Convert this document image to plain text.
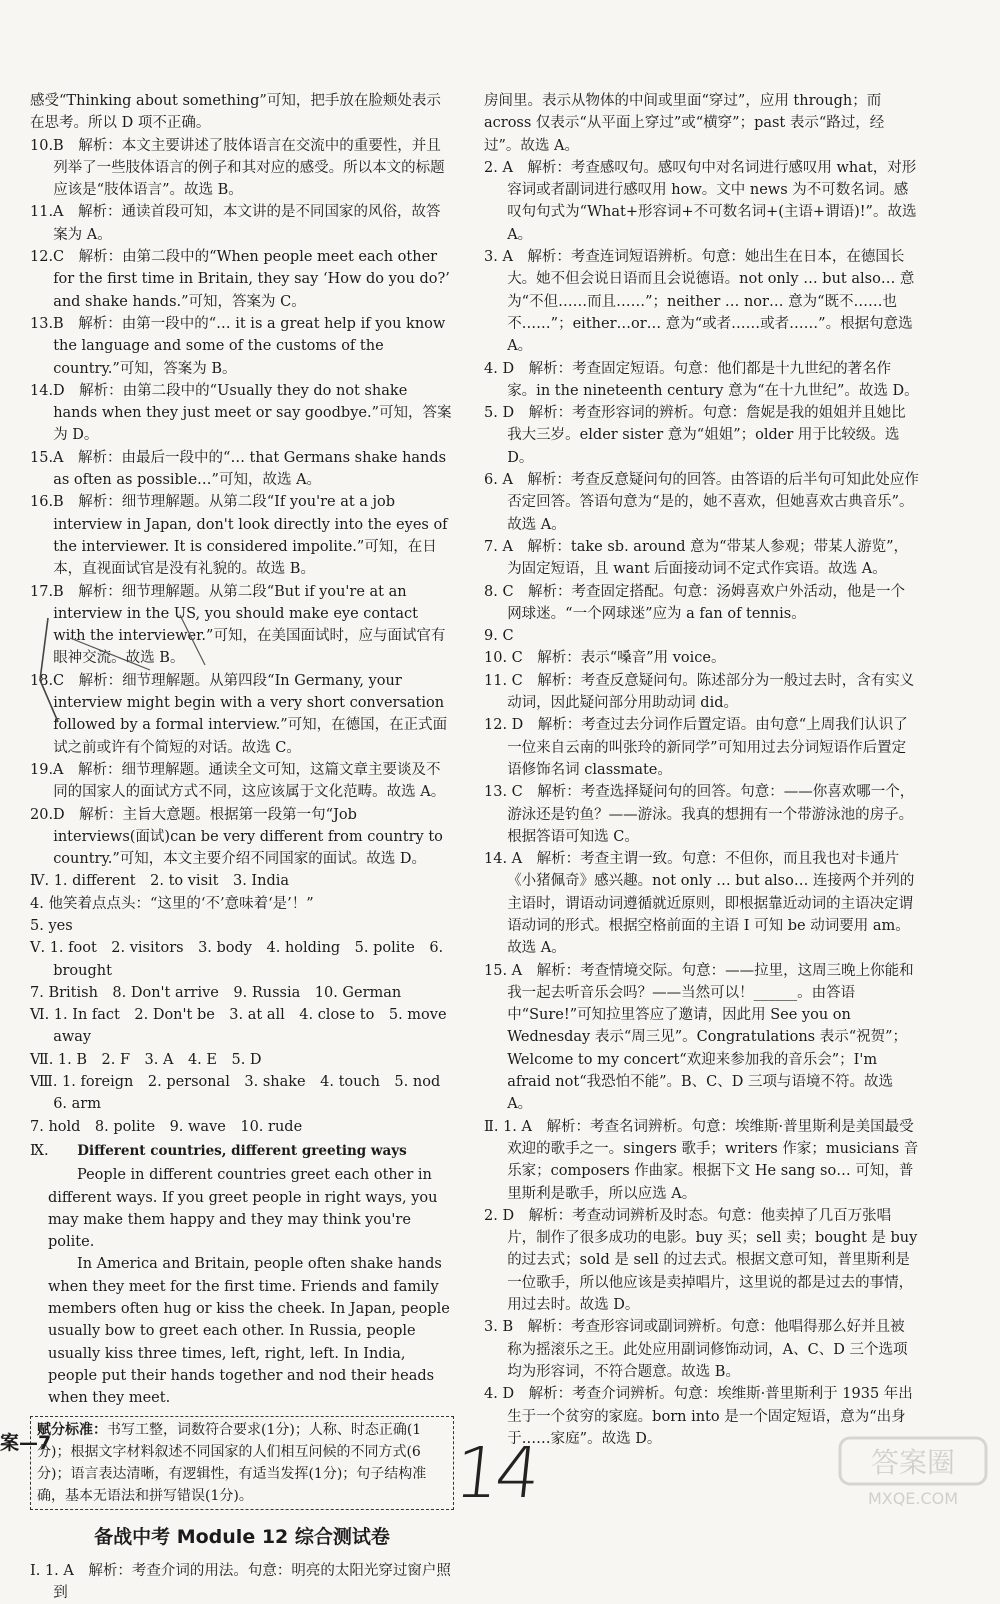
感受“Thinking about something”可知，把手放在脸颊处表示在思考。所以 D 项不正确。

10.B　解析：本文主要讲述了肢体语言在交流中的重要性，并且列举了一些肢体语言的例子和其对应的感受。所以本文的标题应该是“肢体语言”。故选 B。

11.A　解析：通读首段可知，本文讲的是不同国家的风俗，故答案为 A。

12.C　解析：由第二段中的“When people meet each other for the first time in Britain, they say ‘How do you do?’ and shake hands.”可知，答案为 C。

13.B　解析：由第一段中的“… it is a great help if you know the language and some of the customs of the country.”可知，答案为 B。

14.D　解析：由第二段中的“Usually they do not shake hands when they just meet or say goodbye.”可知，答案为 D。

15.A　解析：由最后一段中的“… that Germans shake hands as often as possible…”可知，故选 A。

16.B　解析：细节理解题。从第二段“If you're at a job interview in Japan, don't look directly into the eyes of the interviewer. It is considered impolite.”可知，在日本，直视面试官是没有礼貌的。故选 B。

17.B　解析：细节理解题。从第二段“But if you're at an interview in the US, you should make eye contact with the interviewer.”可知，在美国面试时，应与面试官有眼神交流。故选 B。

18.C　解析：细节理解题。从第四段“In Germany, your interview might begin with a very short conversation followed by a formal interview.”可知，在德国，在正式面试之前或许有个简短的对话。故选 C。

19.A　解析：细节理解题。通读全文可知，这篇文章主要谈及不同的国家人的面试方式不同，这应该属于文化范畴。故选 A。

20.D　解析：主旨大意题。根据第一段第一句“Job interviews(面试)can be very different from country to country.”可知，本文主要介绍不同国家的面试。故选 D。

Ⅳ. 1. different　2. to visit　3. India

4. 他笑着点点头：“这里的‘不’意味着‘是’！”

5. yes

Ⅴ. 1. foot　2. visitors　3. body　4. holding　5. polite　6. brought

7. British　8. Don't arrive　9. Russia　10. German

Ⅵ. 1. In fact　2. Don't be　3. at all　4. close to　5. move away

Ⅶ. 1. B　2. F　3. A　4. E　5. D

Ⅷ. 1. foreign　2. personal　3. shake　4. touch　5. nod　6. arm

7. hold　8. polite　9. wave　10. rude

Ⅸ.	Different countries, different greeting ways

People in different countries greet each other in different ways. If you greet people in right ways, you may make them happy and they may think you're polite.

In America and Britain, people often shake hands when they meet for the first time. Friends and family members often hug or kiss the cheek. In Japan, people usually bow to greet each other. In Russia, people usually kiss three times, left, right, left. In India, people put their hands together and nod their heads when they meet.

赋分标准：书写工整，词数符合要求(1分)；人称、时态正确(1分)；根据文字材料叙述不同国家的人们相互问候的不同方式(6分)；语言表达清晰，有逻辑性，有适当发挥(1分)；句子结构准确，基本无语法和拼写错误(1分)。
备战中考 Module 12 综合测试卷

Ⅰ. 1. A　解析：考查介词的用法。句意：明亮的太阳光穿过窗户照到

房间里。表示从物体的中间或里面“穿过”，应用 through；而 across 仅表示“从平面上穿过”或“横穿”；past 表示“路过，经过”。故选 A。

2. A　解析：考查感叹句。感叹句中对名词进行感叹用 what，对形容词或者副词进行感叹用 how。文中 news 为不可数名词。感叹句句式为“What+形容词+不可数名词+(主语+谓语)!”。故选 A。

3. A　解析：考查连词短语辨析。句意：她出生在日本，在德国长大。她不但会说日语而且会说德语。not only … but also… 意为“不但……而且……”；neither … nor… 意为“既不……也不……”；either…or… 意为“或者……或者……”。根据句意选 A。

4. D　解析：考查固定短语。句意：他们都是十九世纪的著名作家。in the nineteenth century 意为“在十九世纪”。故选 D。

5. D　解析：考查形容词的辨析。句意：詹妮是我的姐姐并且她比我大三岁。elder sister 意为“姐姐”；older 用于比较级。选 D。

6. A　解析：考查反意疑问句的回答。由答语的后半句可知此处应作否定回答。答语句意为“是的，她不喜欢，但她喜欢古典音乐”。故选 A。

7. A　解析：take sb. around 意为“带某人参观；带某人游览”，为固定短语，且 want 后面接动词不定式作宾语。故选 A。

8. C　解析：考查固定搭配。句意：汤姆喜欢户外活动，他是一个网球迷。“一个网球迷”应为 a fan of tennis。

9. C

10. C　解析：表示“嗓音”用 voice。

11. C　解析：考查反意疑问句。陈述部分为一般过去时，含有实义动词，因此疑问部分用助动词 did。

12. D　解析：考查过去分词作后置定语。由句意“上周我们认识了一位来自云南的叫张玲的新同学”可知用过去分词短语作后置定语修饰名词 classmate。

13. C　解析：考查选择疑问句的回答。句意：——你喜欢哪一个，游泳还是钓鱼？——游泳。我真的想拥有一个带游泳池的房子。根据答语可知选 C。

14. A　解析：考查主谓一致。句意：不但你，而且我也对卡通片《小猪佩奇》感兴趣。not only … but also… 连接两个并列的主语时，谓语动词遵循就近原则，即根据靠近动词的主语决定谓语动词的形式。根据空格前面的主语 I 可知 be 动词要用 am。故选 A。

15. A　解析：考查情境交际。句意：——拉里，这周三晚上你能和我一起去听音乐会吗？——当然可以！______。由答语中“Sure!”可知拉里答应了邀请，因此用 See you on Wednesday 表示“周三见”。Congratulations 表示“祝贺”；Welcome to my concert“欢迎来参加我的音乐会”；I'm afraid not“我恐怕不能”。B、C、D 三项与语境不符。故选 A。

Ⅱ. 1. A　解析：考查名词辨析。句意：埃维斯·普里斯利是美国最受欢迎的歌手之一。singers 歌手；writers 作家；musicians 音乐家；composers 作曲家。根据下文 He sang so… 可知，普里斯利是歌手，所以应选 A。

2. D　解析：考查动词辨析及时态。句意：他卖掉了几百万张唱片，制作了很多成功的电影。buy 买；sell 卖；bought 是 buy 的过去式；sold 是 sell 的过去式。根据文意可知，普里斯利是一位歌手，所以他应该是卖掉唱片，这里说的都是过去的事情，用过去时。故选 D。

3. B　解析：考查形容词或副词辨析。句意：他唱得那么好并且被称为摇滚乐之王。此处应用副词修饰动词，A、C、D 三个选项均为形容词，不符合题意。故选 B。

4. D　解析：考查介词辨析。句意：埃维斯·普里斯利于 1935 年出生于一个贫穷的家庭。born into 是一个固定短语，意为“出身于……家庭”。故选 D。

案—7	14	答案圈
MXQE.COM
